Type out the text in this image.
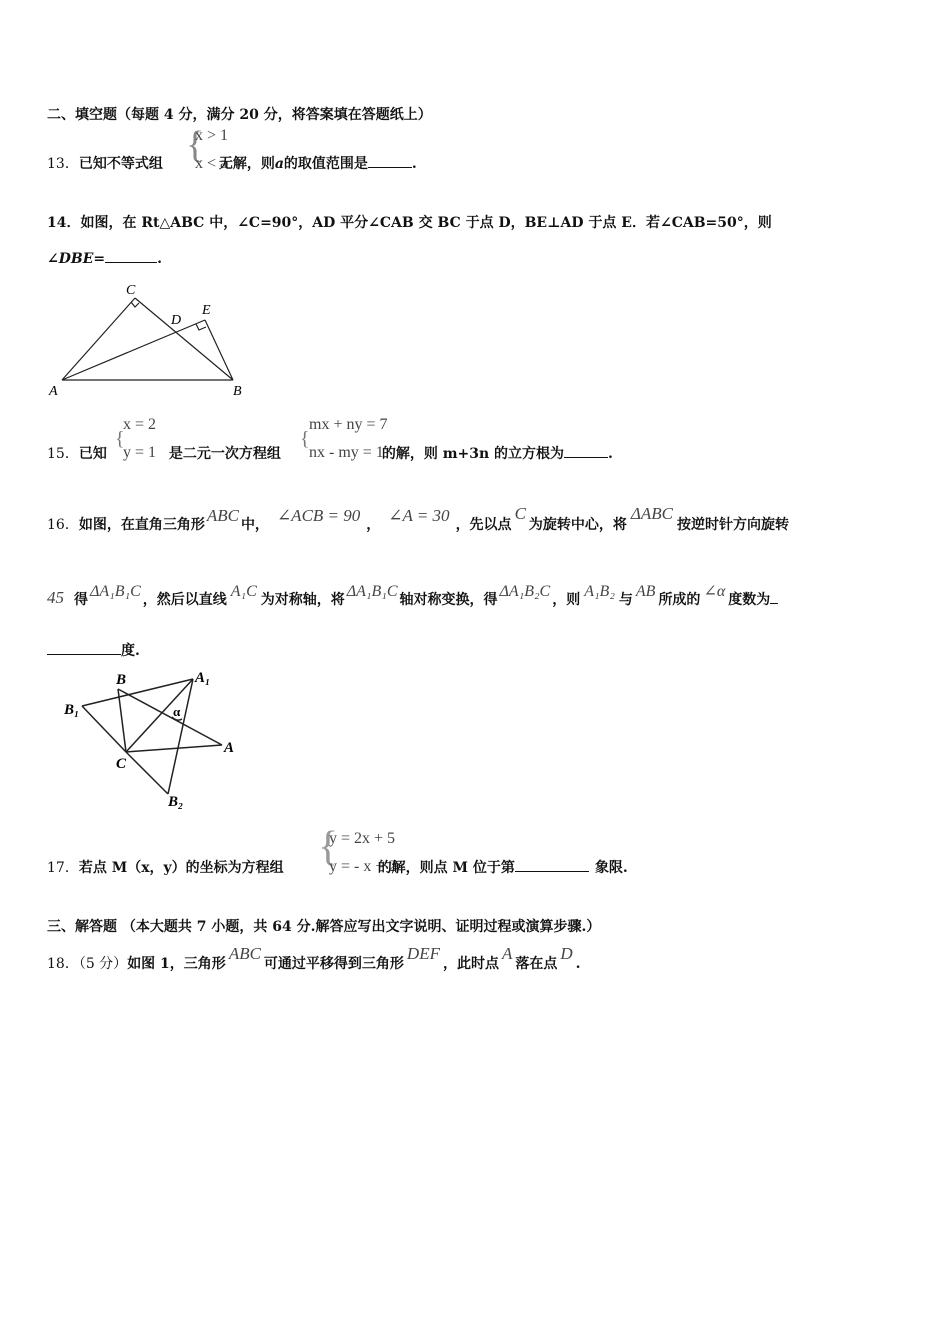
二、填空题（每题 4 分，满分 20 分，将答案填在答题纸上）
{
x > 1
x < a
13．已知不等式组	无解，则a的取值范围是	.
14．如图，在 Rt△ABC 中，∠C=90°，AD 平分∠CAB 交 BC 于点 D，BE⊥AD 于点 E．若∠CAB=50°，则
∠DBE=	.
C
D
E
A	B
{
x = 2
y = 1
{
mx + ny = 7
nx - my = 1
15．已知	是二元一次方程组	的解，则 m+3n 的立方根为	.
16．如图，在直角三角形 ABC 中， ∠ACB = 90 ， ∠A = 30 ，先以点C为旋转中心，将ΔABC按逆时针方向旋转
45 得 ΔA₁B₁C ，然后以直线 A₁C 为对称轴，将 ΔA₁B₁C 轴对称变换，得 ΔA₁B₂C ，则 A₁B₂ 与 AB 所成的 ∠α 度数为
度.
B	A₁
B₁	α
A
C
B₂
{
y = 2x + 5
y = - x + 2
17．若点 M（x，y）的坐标为方程组	的解，则点 M 位于第	象限.
三、解答题 （本大题共 7 小题，共 64 分.解答应写出文字说明、证明过程或演算步骤.）
18．（5 分）如图 1，三角形ABC可通过平移得到三角形DEF，此时点A落在点D.
